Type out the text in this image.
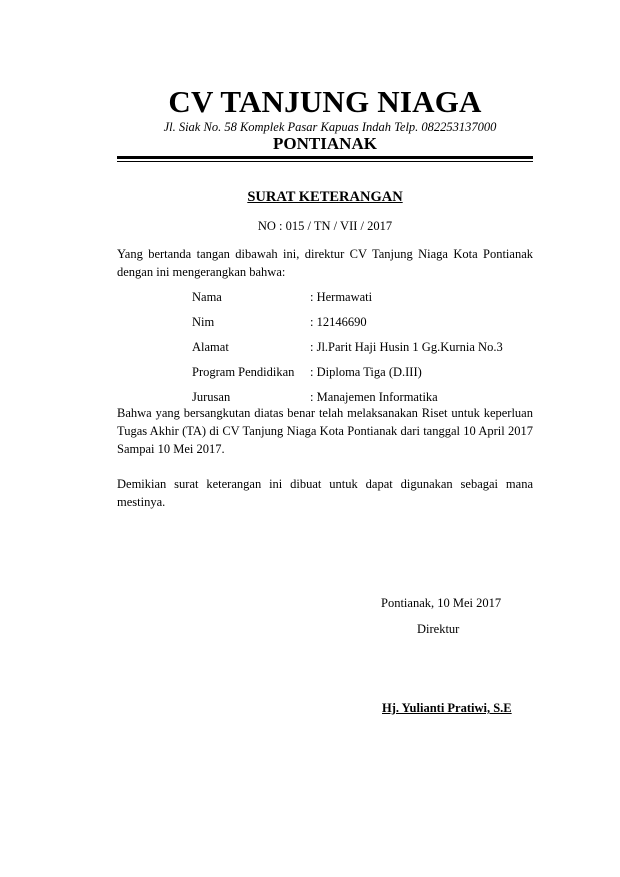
CV TANJUNG NIAGA
Jl. Siak No. 58 Komplek Pasar Kapuas Indah Telp. 082253137000
PONTIANAK
SURAT KETERANGAN
NO : 015 / TN / VII / 2017

Yang bertanda tangan dibawah ini, direktur CV Tanjung Niaga Kota Pontianak dengan ini mengerangkan bahwa:

Nama	: Hermawati
Nim	: 12146690
Alamat	: Jl.Parit Haji Husin 1 Gg.Kurnia No.3
Program Pendidikan : Diploma Tiga (D.III)
Jurusan	: Manajemen Informatika

Bahwa yang bersangkutan diatas benar telah melaksanakan Riset untuk keperluan Tugas Akhir (TA) di CV Tanjung Niaga Kota Pontianak dari tanggal 10 April 2017 Sampai 10 Mei 2017.

Demikian surat keterangan ini dibuat untuk dapat digunakan sebagai mana mestinya.

Pontianak, 10 Mei 2017
Direktur
Hj. Yulianti Pratiwi, S.E
